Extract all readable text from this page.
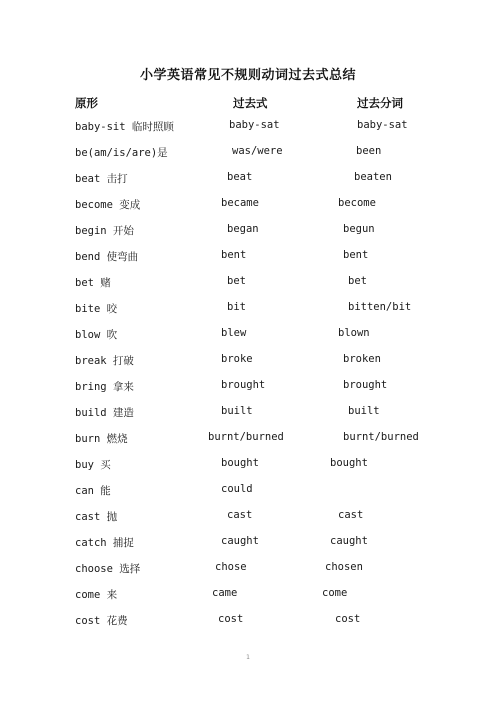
小学英语常见不规则动词过去式总结
原形	过去式	过去分词
baby-sit 临时照顾	baby-sat	baby-sat
be(am/is/are)是	was/were	been
beat 击打	beat	beaten
become 变成	became	become
begin 开始	began	begun
bend 使弯曲	bent	bent
bet 赌	bet	bet
bite 咬	bit	bitten/bit
blow 吹	blew	blown
break 打破	broke	broken
bring 拿来	brought	brought
build 建造	built	built
burn 燃烧	burnt/burned	burnt/burned
buy 买	bought	bought
can 能	could
cast 抛	cast	cast
catch 捕捉	caught	caught
choose 选择	chose	chosen
come 来	came	come
cost 花费	cost	cost
1
